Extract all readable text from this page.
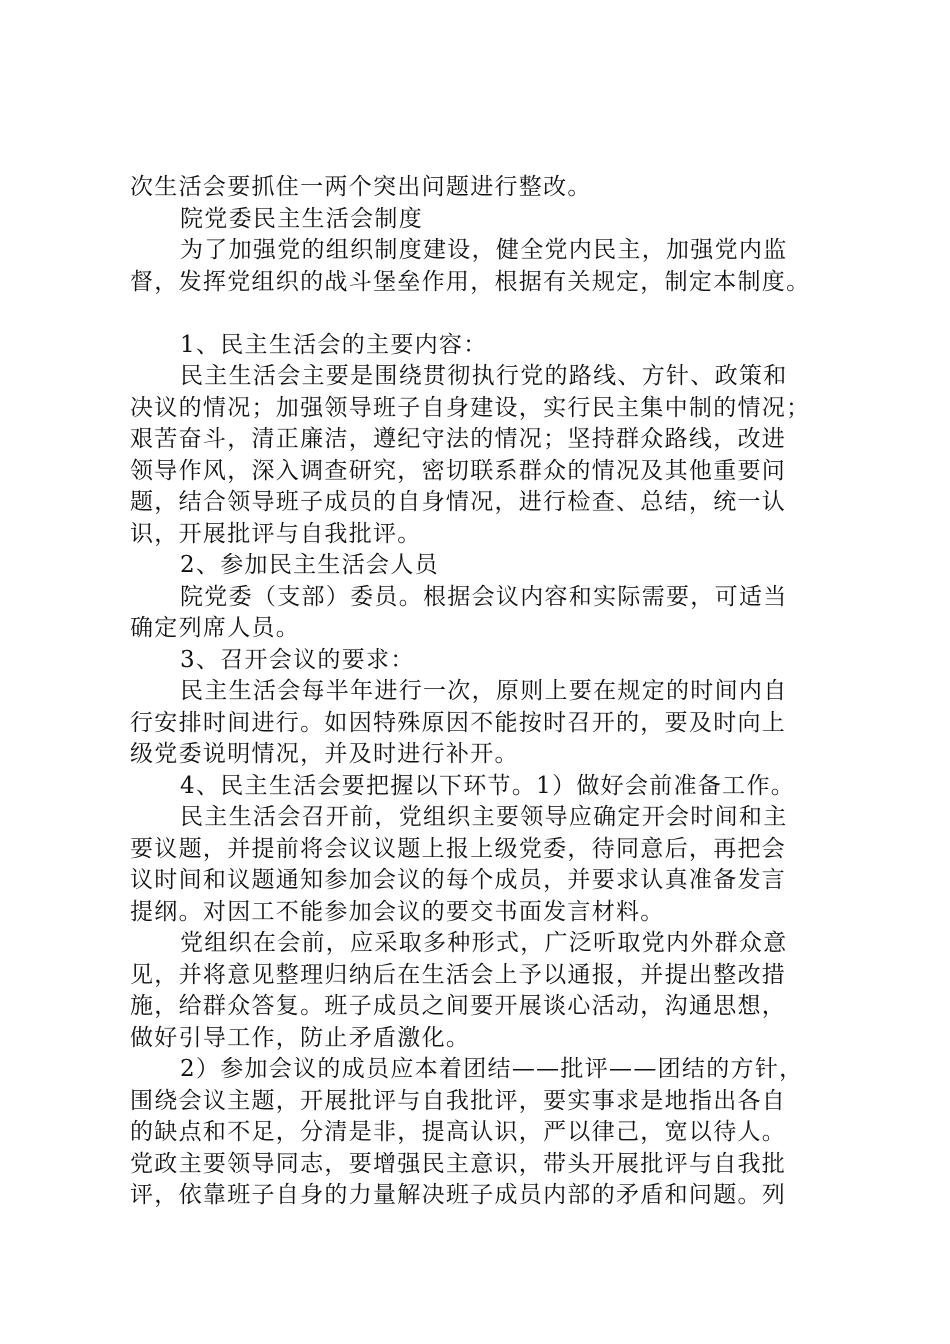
次生活会要抓住一两个突出问题进行整改。
院党委民主生活会制度
为了加强党的组织制度建设，健全党内民主，加强党内监
督，发挥党组织的战斗堡垒作用，根据有关规定，制定本制度。
1、民主生活会的主要内容：
民主生活会主要是围绕贯彻执行党的路线、方针、政策和
决议的情况；加强领导班子自身建设，实行民主集中制的情况；
艰苦奋斗，清正廉洁，遵纪守法的情况；坚持群众路线，改进
领导作风，深入调查研究，密切联系群众的情况及其他重要问
题，结合领导班子成员的自身情况，进行检查、总结，统一认
识，开展批评与自我批评。
2、参加民主生活会人员
院党委（支部）委员。根据会议内容和实际需要，可适当
确定列席人员。
3、召开会议的要求：
民主生活会每半年进行一次，原则上要在规定的时间内自
行安排时间进行。如因特殊原因不能按时召开的，要及时向上
级党委说明情况，并及时进行补开。
4、民主生活会要把握以下环节。1）做好会前准备工作。
民主生活会召开前，党组织主要领导应确定开会时间和主
要议题，并提前将会议议题上报上级党委，待同意后，再把会
议时间和议题通知参加会议的每个成员，并要求认真准备发言
提纲。对因工不能参加会议的要交书面发言材料。
党组织在会前，应采取多种形式，广泛听取党内外群众意
见，并将意见整理归纳后在生活会上予以通报，并提出整改措
施，给群众答复。班子成员之间要开展谈心活动，沟通思想，
做好引导工作，防止矛盾激化。
2）参加会议的成员应本着团结——批评——团结的方针，
围绕会议主题，开展批评与自我批评，要实事求是地指出各自
的缺点和不足，分清是非，提高认识，严以律己，宽以待人。
党政主要领导同志，要增强民主意识，带头开展批评与自我批
评，依靠班子自身的力量解决班子成员内部的矛盾和问题。列
